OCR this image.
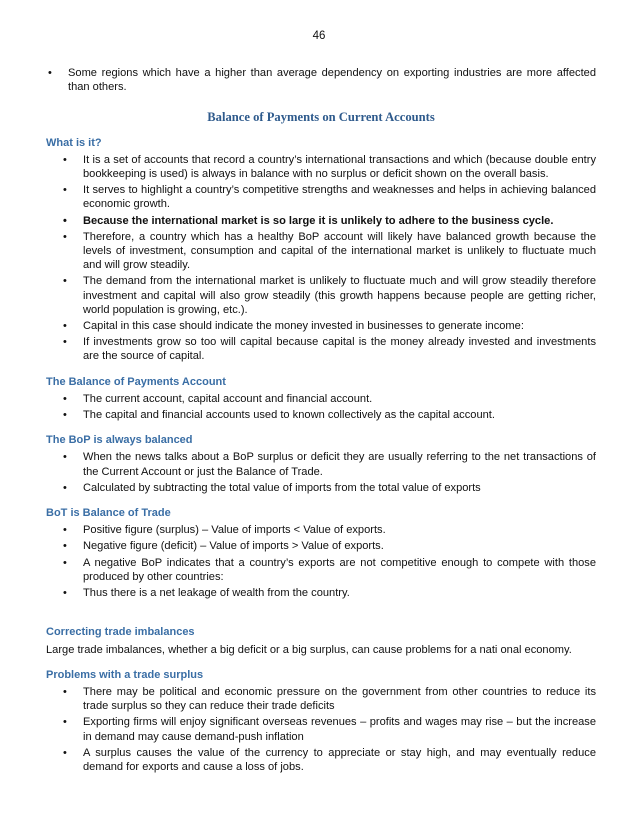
46
• Some regions which have a higher than average dependency on exporting industries are more affected than others.
Balance of Payments on Current Accounts
What is it?
• It is a set of accounts that record a country’s international transactions and which (because double entry bookkeeping is used) is always in balance with no surplus or deficit shown on the overall basis.
• It serves to highlight a country’s competitive strengths and weaknesses and helps in achieving balanced economic growth.
• Because the international market is so large it is unlikely to adhere to the business cycle.
• Therefore, a country which has a healthy BoP account will likely have balanced growth because the levels of investment, consumption and capital of the international market is unlikely to fluctuate much and will grow steadily.
• The demand from the international market is unlikely to fluctuate much and will grow steadily therefore investment and capital will also grow steadily (this growth happens because people are getting richer, world population is growing, etc.).
• Capital in this case should indicate the money invested in businesses to generate income:
• If investments grow so too will capital because capital is the money already invested and investments are the source of capital.
The Balance of Payments Account
• The current account, capital account and financial account.
• The capital and financial accounts used to known collectively as the capital account.
The BoP is always balanced
• When the news talks about a BoP surplus or deficit they are usually referring to the net transactions of the Current Account or just the Balance of Trade.
• Calculated by subtracting the total value of imports from the total value of exports
BoT is Balance of Trade
• Positive figure (surplus) – Value of imports < Value of exports.
• Negative figure (deficit) – Value of imports > Value of exports.
• A negative BoP indicates that a country’s exports are not competitive enough to compete with those produced by other countries:
• Thus there is a net leakage of wealth from the country.
Correcting trade imbalances
Large trade imbalances, whether a big deficit or a big surplus, can cause problems for a nati onal economy.
Problems with a trade surplus
• There may be political and economic pressure on the government from other countries to reduce its trade surplus so they can reduce their trade deficits
• Exporting firms will enjoy significant overseas revenues – profits and wages may rise – but the increase in demand may cause demand-push inflation
• A surplus causes the value of the currency to appreciate or stay high, and may eventually reduce demand for exports and cause a loss of jobs.
